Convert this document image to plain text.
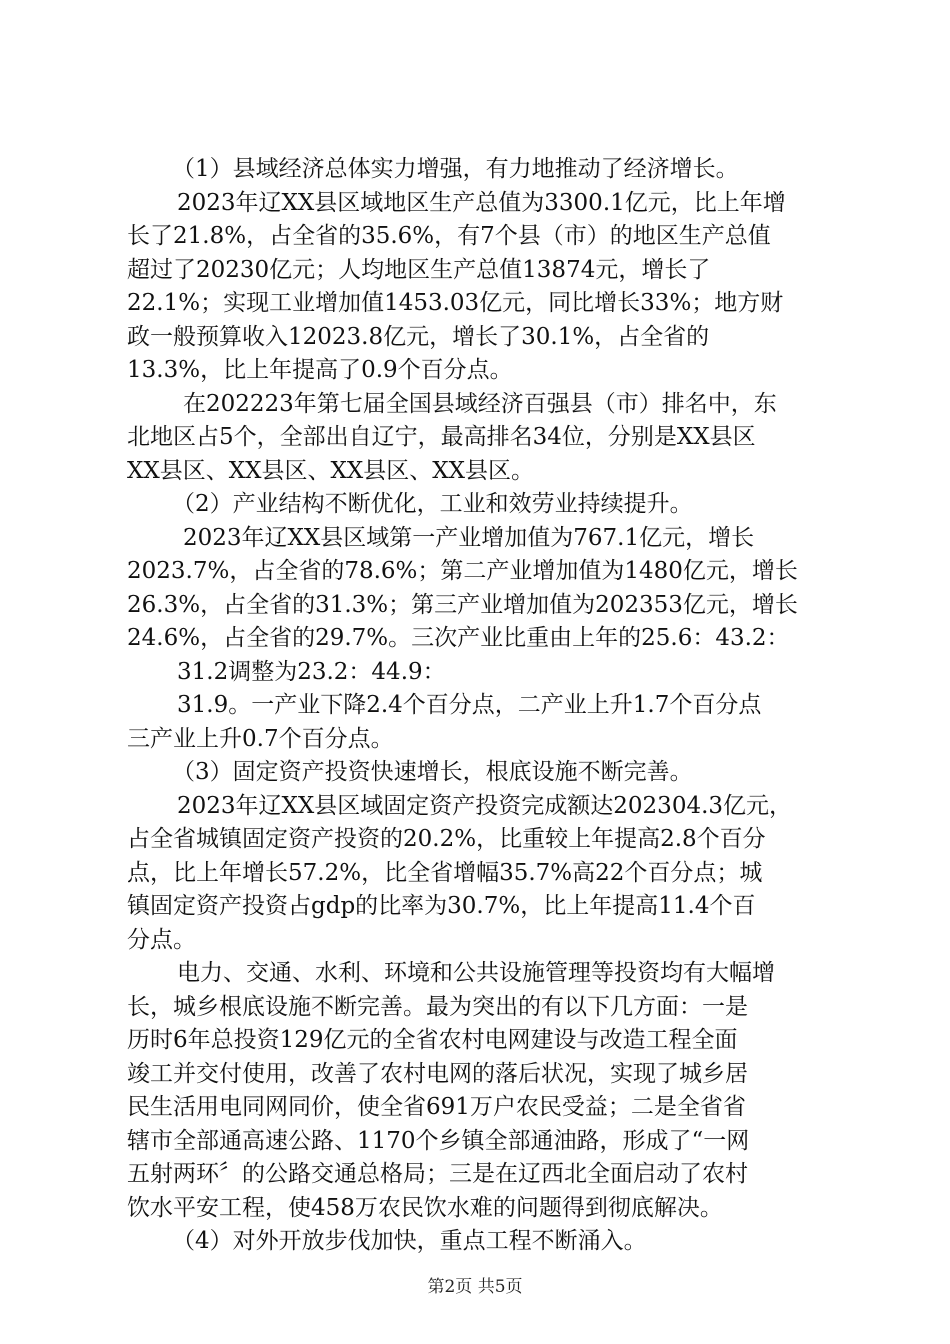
（1）县域经济总体实力增强，有力地推动了经济增长。

2023年辽XX县区域地区生产总值为3300.1亿元，比上年增

长了21.8%，占全省的35.6%，有7个县（市）的地区生产总值

超过了20230亿元；人均地区生产总值13874元，增长了

22.1%；实现工业增加值1453.03亿元，同比增长33%；地方财

政一般预算收入12023.8亿元，增长了30.1%，占全省的

13.3%，比上年提高了0.9个百分点。

在202223年第七届全国县域经济百强县（市）排名中，东

北地区占5个，全部出自辽宁，最高排名34位，分别是XX县区

XX县区、XX县区、XX县区、XX县区。

（2）产业结构不断优化，工业和效劳业持续提升。

2023年辽XX县区域第一产业增加值为767.1亿元，增长

2023.7%，占全省的78.6%；第二产业增加值为1480亿元，增长

26.3%，占全省的31.3%；第三产业增加值为202353亿元，增长

24.6%，占全省的29.7%。三次产业比重由上年的25.6：43.2：

31.2调整为23.2：44.9：

31.9。一产业下降2.4个百分点，二产业上升1.7个百分点

三产业上升0.7个百分点。

（3）固定资产投资快速增长，根底设施不断完善。

2023年辽XX县区域固定资产投资完成额达202304.3亿元，

占全省城镇固定资产投资的20.2%，比重较上年提高2.8个百分

点，比上年增长57.2%，比全省增幅35.7%高22个百分点；城

镇固定资产投资占gdp的比率为30.7%，比上年提高11.4个百

分点。

电力、交通、水利、环境和公共设施管理等投资均有大幅增

长，城乡根底设施不断完善。最为突出的有以下几方面：一是

历时6年总投资129亿元的全省农村电网建设与改造工程全面

竣工并交付使用，改善了农村电网的落后状况，实现了城乡居

民生活用电同网同价，使全省691万户农民受益；二是全省省

辖市全部通高速公路、1170个乡镇全部通油路，形成了“一网

五射两环〞的公路交通总格局；三是在辽西北全面启动了农村

饮水平安工程，使458万农民饮水难的问题得到彻底解决。

（4）对外开放步伐加快，重点工程不断涌入。

第2页 共5页
